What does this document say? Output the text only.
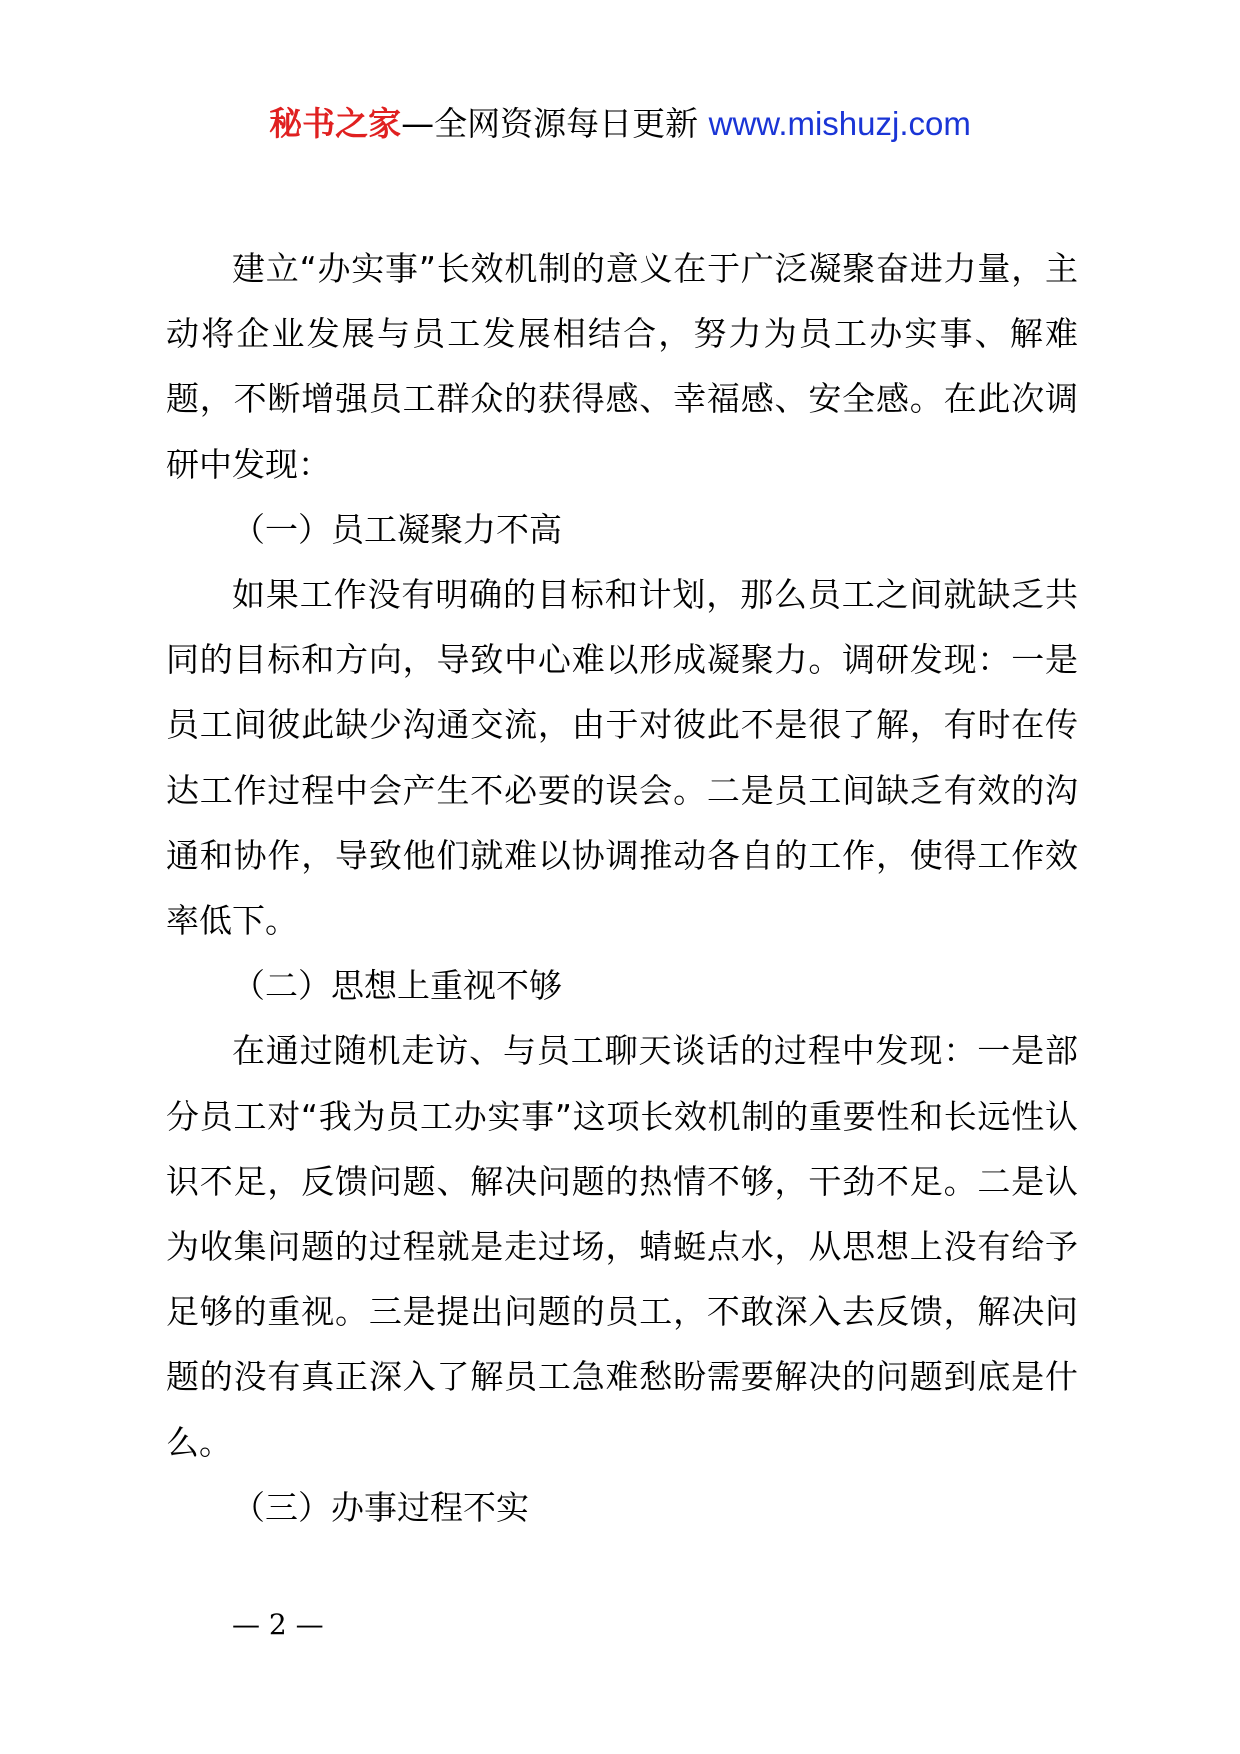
秘书之家—全网资源每日更新 www.mishuzj.com

建立“办实事”长效机制的意义在于广泛凝聚奋进力量，主动将企业发展与员工发展相结合，努力为员工办实事、解难题，不断增强员工群众的获得感、幸福感、安全感。在此次调研中发现：

（一）员工凝聚力不高

如果工作没有明确的目标和计划，那么员工之间就缺乏共同的目标和方向，导致中心难以形成凝聚力。调研发现：一是员工间彼此缺少沟通交流，由于对彼此不是很了解，有时在传达工作过程中会产生不必要的误会。二是员工间缺乏有效的沟通和协作，导致他们就难以协调推动各自的工作，使得工作效率低下。

（二）思想上重视不够

在通过随机走访、与员工聊天谈话的过程中发现：一是部分员工对“我为员工办实事”这项长效机制的重要性和长远性认识不足，反馈问题、解决问题的热情不够，干劲不足。二是认为收集问题的过程就是走过场，蜻蜓点水，从思想上没有给予足够的重视。三是提出问题的员工，不敢深入去反馈，解决问题的没有真正深入了解员工急难愁盼需要解决的问题到底是什么。

（三）办事过程不实

— 2 —
